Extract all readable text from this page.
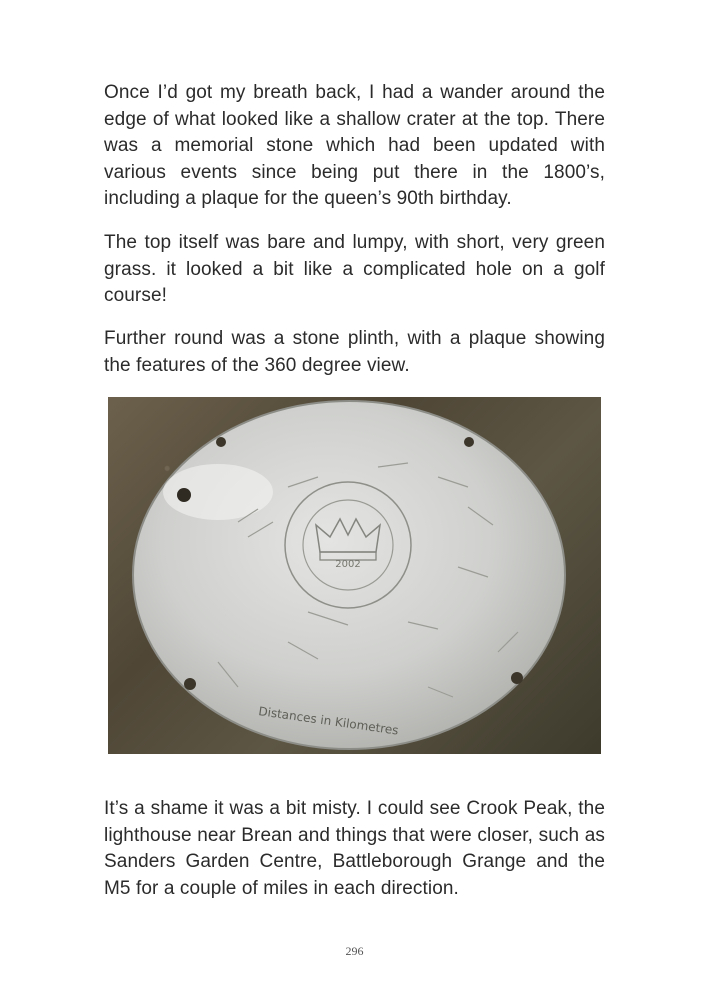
Once I’d got my breath back, I had a wander around the edge of what looked like a shallow crater at the top. There was a memorial stone which had been updated with various events since being put there in the 1800’s, including a plaque for the queen’s 90th birthday.

The top itself was bare and lumpy, with short, very green grass. it looked a bit like a complicated hole on a golf course!

Further round was a stone plinth, with a plaque showing the features of the 360 degree view.

2002
Distances in Kilometres

It’s a shame it was a bit misty. I could see Crook Peak, the lighthouse near Brean and things that were closer, such as Sanders Garden Centre, Battleborough Grange and the M5 for a couple of miles in each direction.

296
